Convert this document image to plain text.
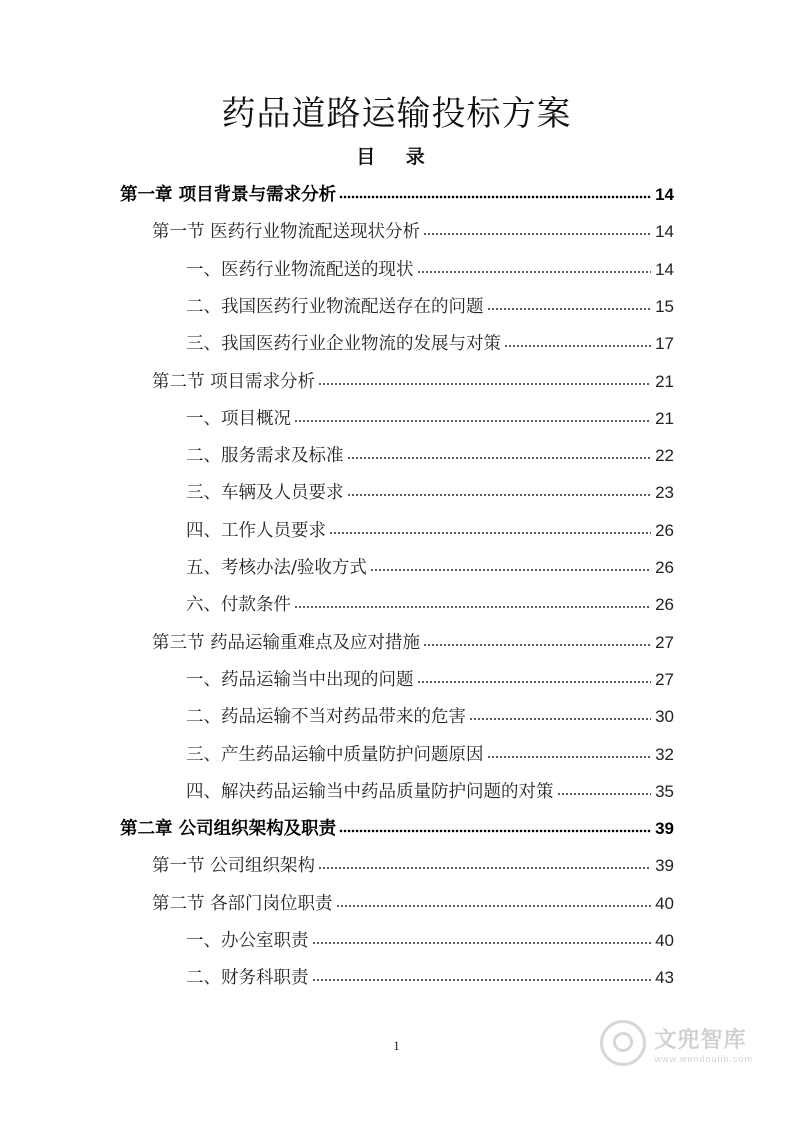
药品道路运输投标方案
目 录
第一章 项目背景与需求分析	14
第一节 医药行业物流配送现状分析	14
一、医药行业物流配送的现状	14
二、我国医药行业物流配送存在的问题	15
三、我国医药行业企业物流的发展与对策	17
第二节 项目需求分析	21
一、项目概况	21
二、服务需求及标准	22
三、车辆及人员要求	23
四、工作人员要求	26
五、考核办法/验收方式	26
六、付款条件	26
第三节 药品运输重难点及应对措施	27
一、药品运输当中出现的问题	27
二、药品运输不当对药品带来的危害	30
三、产生药品运输中质量防护问题原因	32
四、解决药品运输当中药品质量防护问题的对策	35
第二章 公司组织架构及职责	39
第一节 公司组织架构	39
第二节 各部门岗位职责	40
一、办公室职责	40
二、财务科职责	43
1	文兜智库
www.wendoulib.com
